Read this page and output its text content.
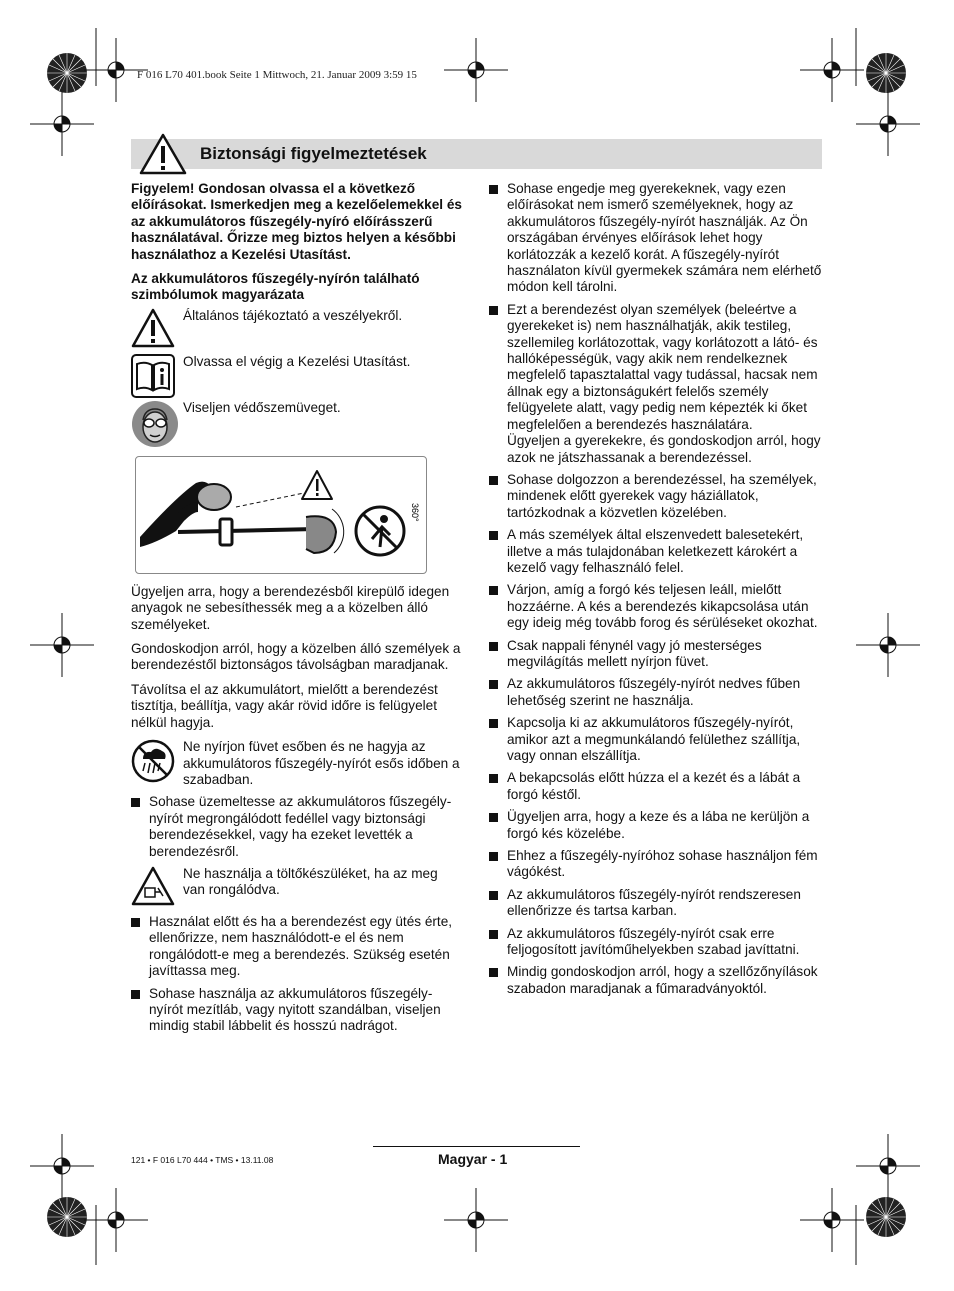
F 016 L70 401.book Seite 1 Mittwoch, 21. Januar 2009 3:59 15
Biztonsági figyelmeztetések

Figyelem! Gondosan olvassa el a következő előírásokat. Ismerkedjen meg a kezelőelemekkel és az akkumulátoros fűszegély-nyíró előírásszerű használatával. Őrizze meg biztos helyen a későbbi használathoz a Kezelési Utasítást.

Az akkumulátoros fűszegély-nyírón található szimbólumok magyarázata

Általános tájékoztató a veszélyekről.
Olvassa el végig a Kezelési Utasítást.
Viseljen védőszemüveget.
360°

Ügyeljen arra, hogy a berendezésből kirepülő idegen anyagok ne sebesíthessék meg a a közelben álló személyeket.

Gondoskodjon arról, hogy a közelben álló személyek a berendezéstől biztonságos távolságban maradjanak.

Távolítsa el az akkumulátort, mielőtt a berendezést tisztítja, beállítja, vagy akár rövid időre is felügyelet nélkül hagyja.

Ne nyírjon füvet esőben és ne hagyja az akkumulátoros fűszegély-nyírót esős időben a szabadban.
Sohase üzemeltesse az akkumulátoros fűszegély-nyírót megrongálódott fedéllel vagy biztonsági berendezésekkel, vagy ha ezeket levették a berendezésről.
Ne használja a töltőkészüléket, ha az meg van rongálódva.
Használat előtt és ha a berendezést egy ütés érte, ellenőrizze, nem használódott-e el és nem rongálódott-e meg a berendezés. Szükség esetén javíttassa meg.
Sohase használja az akkumulátoros fűszegély-nyírót mezítláb, vagy nyitott szandálban, viseljen mindig stabil lábbelit és hosszú nadrágot.
Sohase engedje meg gyerekeknek, vagy ezen előírásokat nem ismerő személyeknek, hogy az akkumulátoros fűszegély-nyírót használják. Az Ön országában érvényes előírások lehet hogy korlátozzák a kezelő korát. A fűszegély-nyírót használaton kívül gyermekek számára nem elérhető módon kell tárolni.
Ezt a berendezést olyan személyek (beleértve a gyerekeket is) nem használhatják, akik testileg, szellemileg korlátozottak, vagy korlátozott a látó- és hallóképességük, vagy akik nem rendelkeznek megfelelő tapasztalattal vagy tudással, hacsak nem állnak egy a biztonságukért felelős személy felügyelete alatt, vagy pedig nem képezték ki őket megfelelően a berendezés használatára.
Ügyeljen a gyerekekre, és gondoskodjon arról, hogy azok ne játszhassanak a berendezéssel.
Sohase dolgozzon a berendezéssel, ha személyek, mindenek előtt gyerekek vagy háziállatok, tartózkodnak a közvetlen közelében.
A más személyek által elszenvedett balesetekért, illetve a más tulajdonában keletkezett károkért a kezelő vagy felhasználó felel.
Várjon, amíg a forgó kés teljesen leáll, mielőtt hozzáérne. A kés a berendezés kikapcsolása után egy ideig még tovább forog és sérüléseket okozhat.
Csak nappali fénynél vagy jó mesterséges megvilágítás mellett nyírjon füvet.
Az akkumulátoros fűszegély-nyírót nedves fűben lehetőség szerint ne használja.
Kapcsolja ki az akkumulátoros fűszegély-nyírót, amikor azt a megmunkálandó felülethez szállítja, vagy onnan elszállítja.
A bekapcsolás előtt húzza el a kezét és a lábát a forgó késtől.
Ügyeljen arra, hogy a keze és a lába ne kerüljön a forgó kés közelébe.
Ehhez a fűszegély-nyíróhoz sohase használjon fém vágókést.
Az akkumulátoros fűszegély-nyírót rendszeresen ellenőrizze és tartsa karban.
Az akkumulátoros fűszegély-nyírót csak erre feljogosított javítóműhelyekben szabad javíttatni.
Mindig gondoskodjon arról, hogy a szellőzőnyílások szabadon maradjanak a fűmaradványoktól.
121 • F 016 L70 444 • TMS • 13.11.08	Magyar - 1
